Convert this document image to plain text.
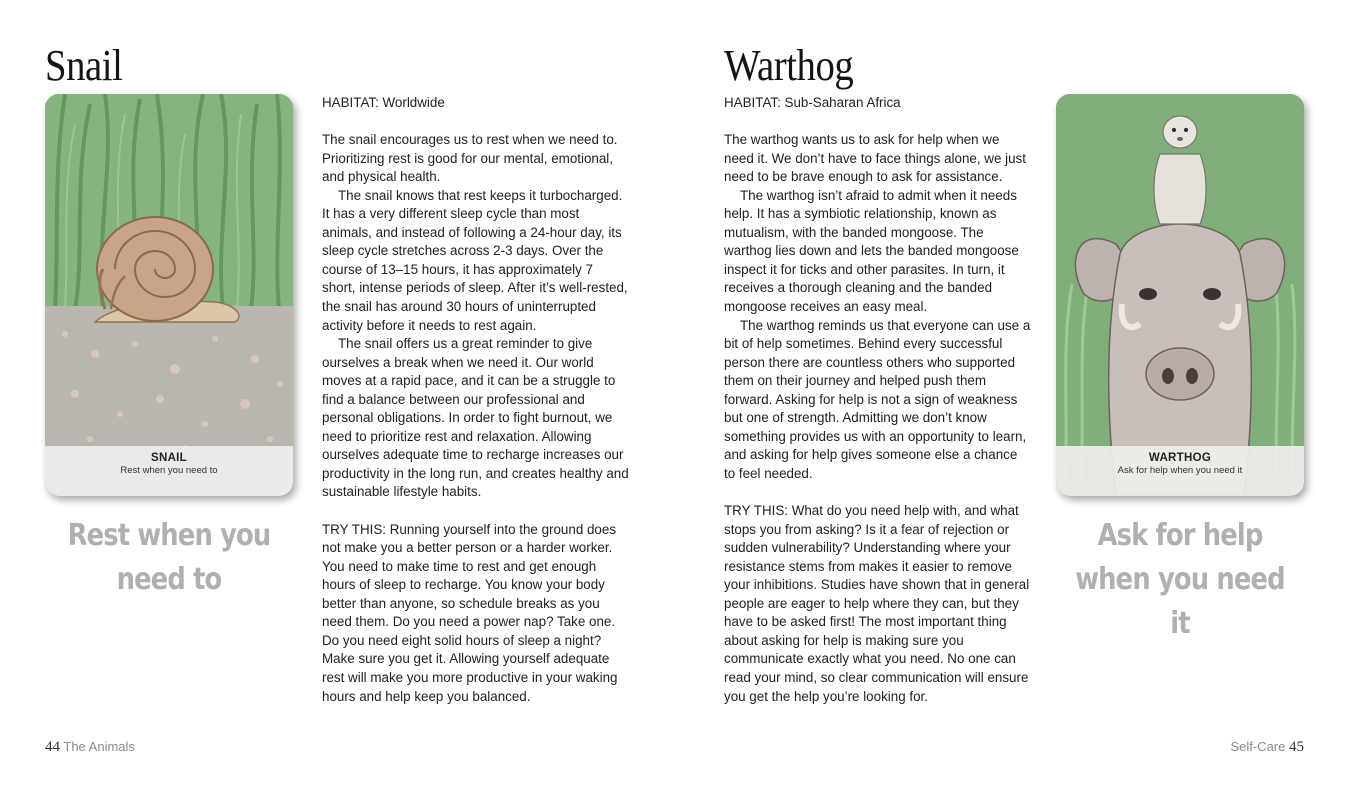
Snail
SNAIL
Rest when you need to
Rest when you need to

HABITAT: Worldwide

The snail encourages us to rest when we need to. Prioritizing rest is good for our mental, emotional, and physical health.

The snail knows that rest keeps it turbocharged. It has a very different sleep cycle than most animals, and instead of following a 24-hour day, its sleep cycle stretches across 2-3 days. Over the course of 13–15 hours, it has approximately 7 short, intense periods of sleep. After it’s well-rested, the snail has around 30 hours of uninterrupted activity before it needs to rest again.

The snail offers us a great reminder to give ourselves a break when we need it. Our world moves at a rapid pace, and it can be a struggle to find a balance between our professional and personal obligations. In order to fight burnout, we need to prioritize rest and relaxation. Allowing ourselves adequate time to recharge increases our productivity in the long run, and creates healthy and sustainable lifestyle habits.

TRY THIS: Running yourself into the ground does not make you a better person or a harder worker. You need to make time to rest and get enough hours of sleep to recharge. You know your body better than anyone, so schedule breaks as you need them. Do you need a power nap? Take one. Do you need eight solid hours of sleep a night? Make sure you get it. Allowing yourself adequate rest will make you more productive in your waking hours and help keep you balanced.

44 The Animals
Warthog

HABITAT: Sub-Saharan Africa

The warthog wants us to ask for help when we need it. We don’t have to face things alone, we just need to be brave enough to ask for assistance.

The warthog isn’t afraid to admit when it needs help. It has a symbiotic relationship, known as mutualism, with the banded mongoose. The warthog lies down and lets the banded mongoose inspect it for ticks and other parasites. In turn, it receives a thorough cleaning and the banded mongoose receives an easy meal.

The warthog reminds us that everyone can use a bit of help sometimes. Behind every successful person there are countless others who supported them on their journey and helped push them forward. Asking for help is not a sign of weakness but one of strength. Admitting we don’t know something provides us with an opportunity to learn, and asking for help gives someone else a chance to feel needed.

TRY THIS: What do you need help with, and what stops you from asking? Is it a fear of rejection or sudden vulnerability? Understanding where your resistance stems from makes it easier to remove your inhibitions. Studies have shown that in general people are eager to help where they can, but they have to be asked first! The most important thing about asking for help is making sure you communicate exactly what you need. No one can read your mind, so clear communication will ensure you get the help you’re looking for.

WARTHOG
Ask for help when you need it
Ask for help when you need it
Self-Care 45
